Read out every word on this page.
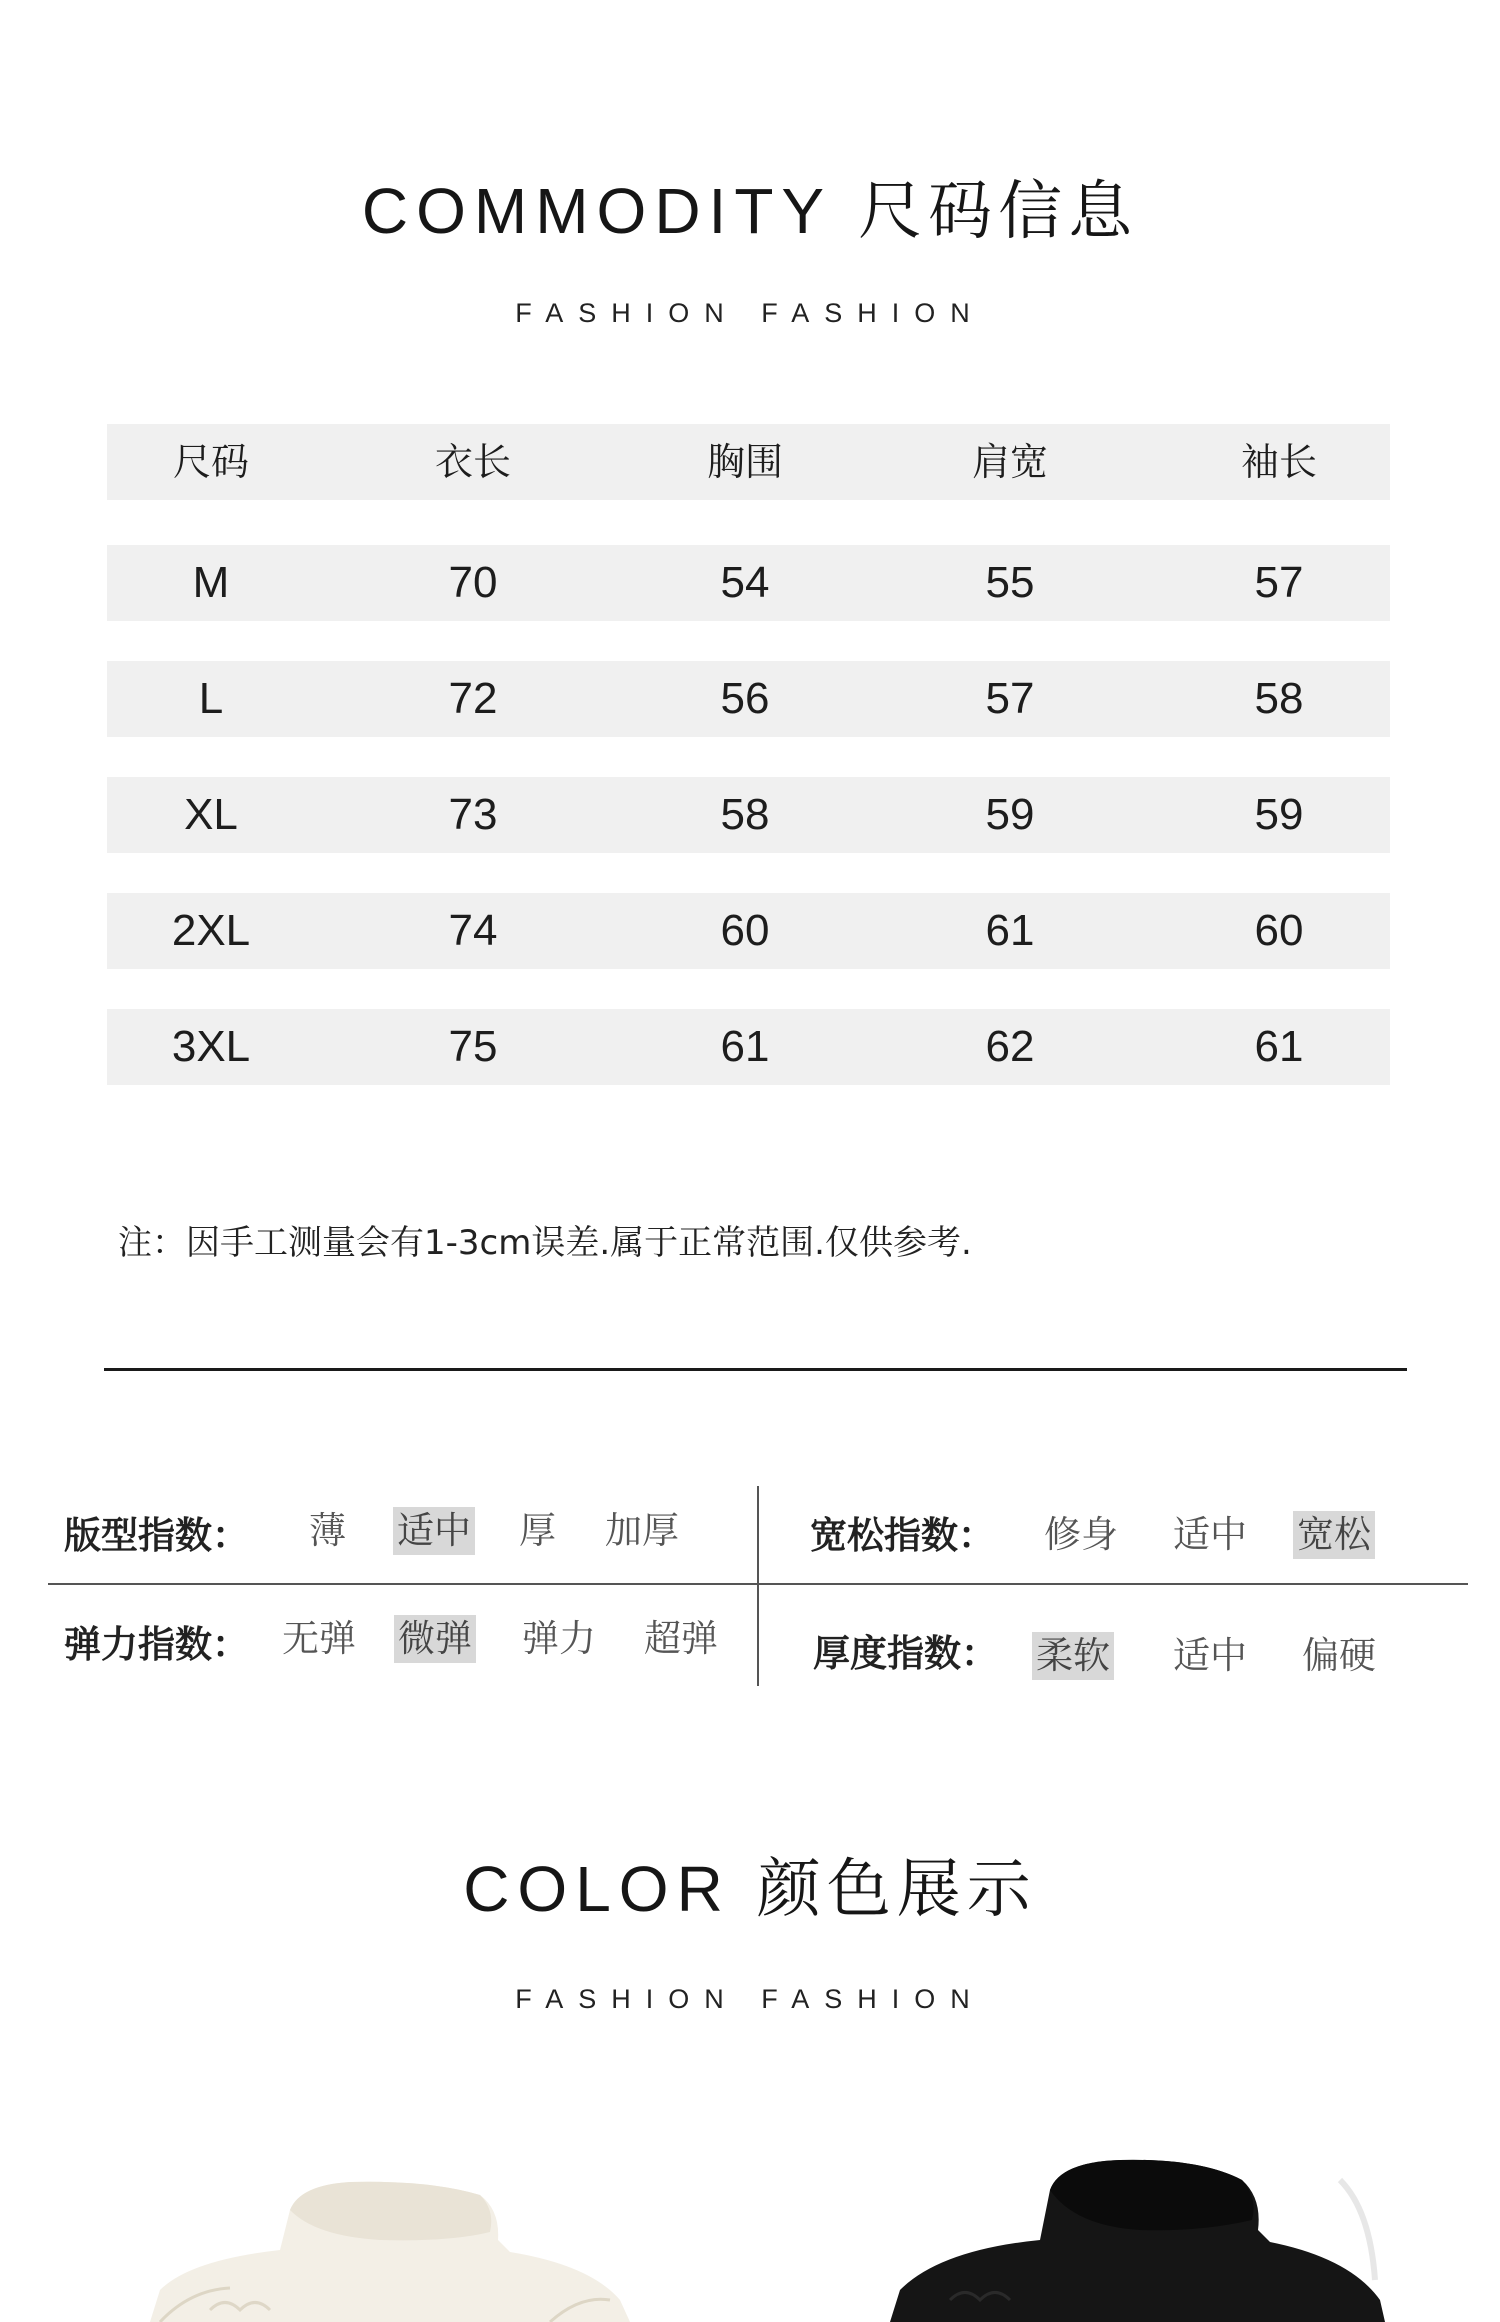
COMMODITY 尺码信息
FASHION FASHION
尺码	衣长	胸围	肩宽	袖长
M	70	54	55	57
L	72	56	57	58
XL	73	58	59	59
2XL	74	60	61	60
3XL	75	61	62	61
注：因手工测量会有1-3cm误差.属于正常范围.仅供参考.
版型指数： 薄 适中 厚 加厚	宽松指数： 修身 适中 宽松
弹力指数： 无弹 微弹 弹力 超弹	厚度指数： 柔软 适中 偏硬
COLOR 颜色展示
FASHION FASHION
